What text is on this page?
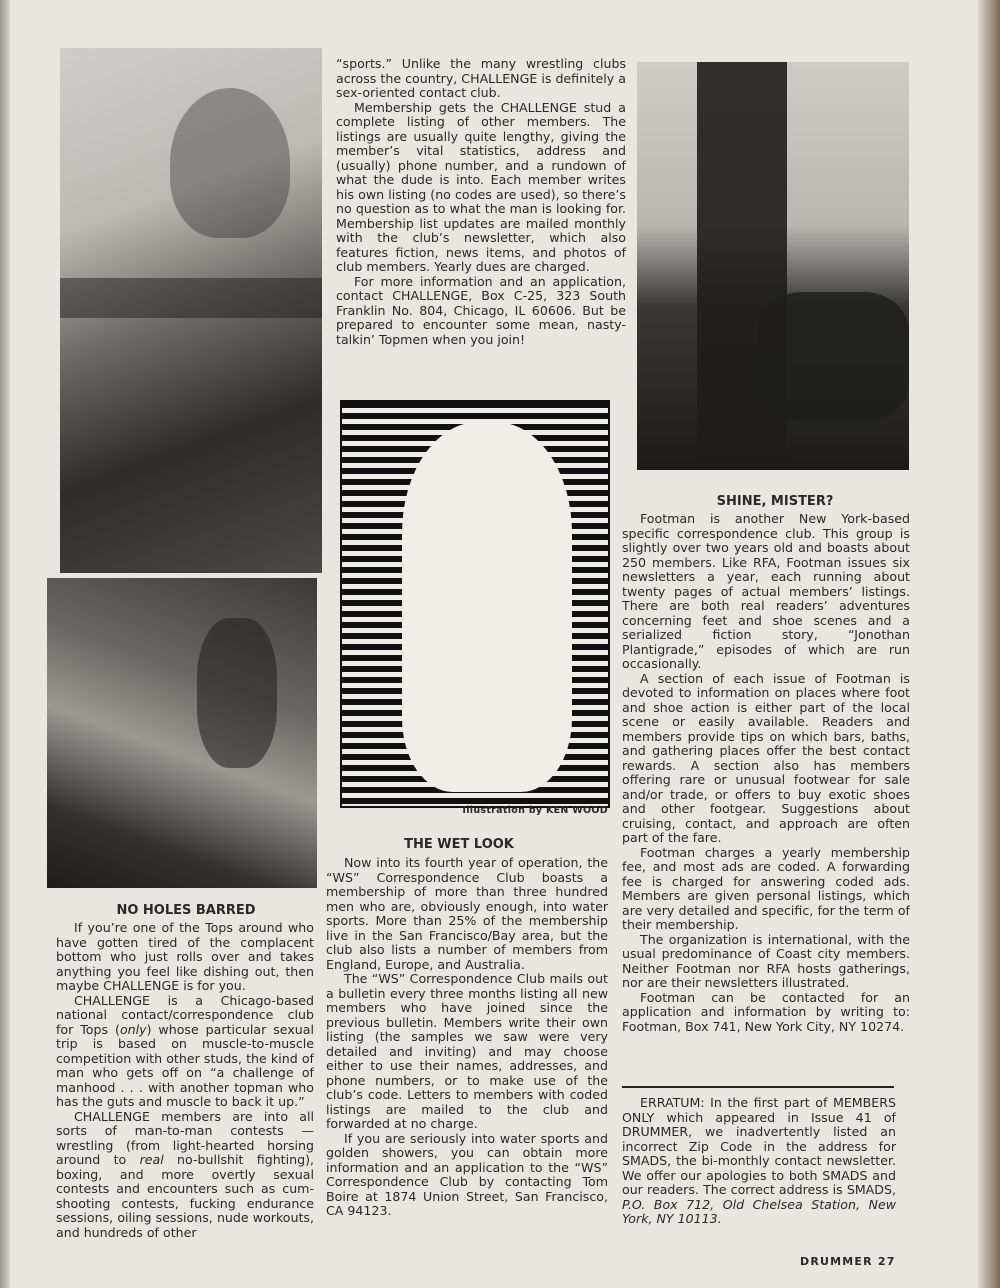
Illustration by KEN WOOD

“sports.” Unlike the many wrestling clubs across the country, CHALLENGE is definitely a sex-oriented contact club.

Membership gets the CHALLENGE stud a complete listing of other members. The listings are usually quite lengthy, giving the member’s vital statistics, address and (usually) phone number, and a rundown of what the dude is into. Each member writes his own listing (no codes are used), so there’s no question as to what the man is looking for. Membership list updates are mailed monthly with the club’s newsletter, which also features fiction, news items, and photos of club members. Yearly dues are charged.

For more information and an application, contact CHALLENGE, Box C-25, 323 South Franklin No. 804, Chicago, IL 60606. But be prepared to encounter some mean, nasty-talkin’ Topmen when you join!

NO HOLES BARRED

If you’re one of the Tops around who have gotten tired of the complacent bottom who just rolls over and takes anything you feel like dishing out, then maybe CHALLENGE is for you.

CHALLENGE is a Chicago-based national contact/correspondence club for Tops (only) whose particular sexual trip is based on muscle-to-muscle competition with other studs, the kind of man who gets off on “a challenge of manhood . . . with another topman who has the guts and muscle to back it up.”

CHALLENGE members are into all sorts of man-to-man contests — wrestling (from light-hearted horsing around to real no-bullshit fighting), boxing, and more overtly sexual contests and encounters such as cum-shooting contests, fucking endurance sessions, oiling sessions, nude workouts, and hundreds of other

THE WET LOOK

Now into its fourth year of operation, the “WS” Correspondence Club boasts a membership of more than three hundred men who are, obviously enough, into water sports. More than 25% of the membership live in the San Francisco/Bay area, but the club also lists a number of members from England, Europe, and Australia.

The “WS” Correspondence Club mails out a bulletin every three months listing all new members who have joined since the previous bulletin. Members write their own listing (the samples we saw were very detailed and inviting) and may choose either to use their names, addresses, and phone numbers, or to make use of the club’s code. Letters to members with coded listings are mailed to the club and forwarded at no charge.

If you are seriously into water sports and golden showers, you can obtain more information and an application to the “WS” Correspondence Club by contacting Tom Boire at 1874 Union Street, San Francisco, CA 94123.

SHINE, MISTER?

Footman is another New York-based specific correspondence club. This group is slightly over two years old and boasts about 250 members. Like RFA, Footman issues six newsletters a year, each running about twenty pages of actual members’ listings. There are both real readers’ adventures concerning feet and shoe scenes and a serialized fiction story, “Jonothan Plantigrade,” episodes of which are run occasionally.

A section of each issue of Footman is devoted to information on places where foot and shoe action is either part of the local scene or easily available. Readers and members provide tips on which bars, baths, and gathering places offer the best contact rewards. A section also has members offering rare or unusual footwear for sale and/or trade, or offers to buy exotic shoes and other footgear. Suggestions about cruising, contact, and approach are often part of the fare.

Footman charges a yearly membership fee, and most ads are coded. A forwarding fee is charged for answering coded ads. Members are given personal listings, which are very detailed and specific, for the term of their membership.

The organization is international, with the usual predominance of Coast city members. Neither Footman nor RFA hosts gatherings, nor are their newsletters illustrated.

Footman can be contacted for an application and information by writing to: Footman, Box 741, New York City, NY 10274.

ERRATUM: In the first part of MEMBERS ONLY which appeared in Issue 41 of DRUMMER, we inadvertently listed an incorrect Zip Code in the address for SMADS, the bi-monthly contact newsletter. We offer our apologies to both SMADS and our readers. The correct address is SMADS, P.O. Box 712, Old Chelsea Station, New York, NY 10113.

DRUMMER 27
